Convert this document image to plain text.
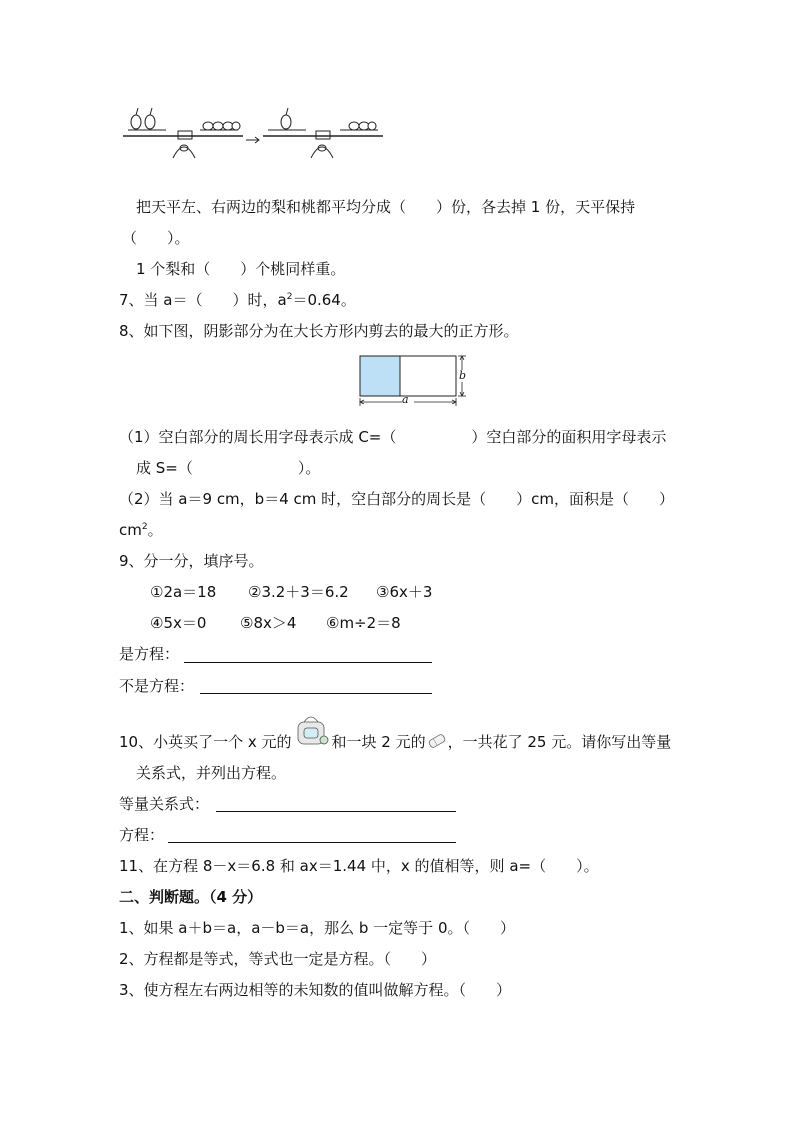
把天平左、右两边的梨和桃都平均分成（　　）份，各去掉 1 份，天平保持
（　　）。
1 个梨和（　　）个桃同样重。
7、当 a＝（　　）时，$a^2=0.64$。
8、如下图，阴影部分为在大长方形内剪去的最大的正方形。
a
b
（1）空白部分的周长用字母表示成 C=（　　　　　）空白部分的面积用字母表示
成 S=（　　　　　　　）。
（2）当 a＝9 cm，b＝4 cm 时，空白部分的周长是（　　）cm，面积是（　　）
$cm^2$。
9、分一分，填序号。
①2a＝18 ②3.2＋3＝6.2 ③6x＋3
④5x＝0 ⑤8x＞4 ⑥m÷2＝8
是方程：
不是方程：
10、小英买了一个 x 元的	和一块 2 元的 ，一共花了 25 元。请你写出等量
关系式，并列出方程。
等量关系式：
方程：
11、在方程 8－x＝6.8 和 ax＝1.44 中，x 的值相等，则 a=（　　）。
二、判断题。（4 分）
1、如果 a＋b＝a，a－b＝a，那么 b 一定等于 0。（　　）
2、方程都是等式，等式也一定是方程。（　　）
3、使方程左右两边相等的未知数的值叫做解方程。（　　）
